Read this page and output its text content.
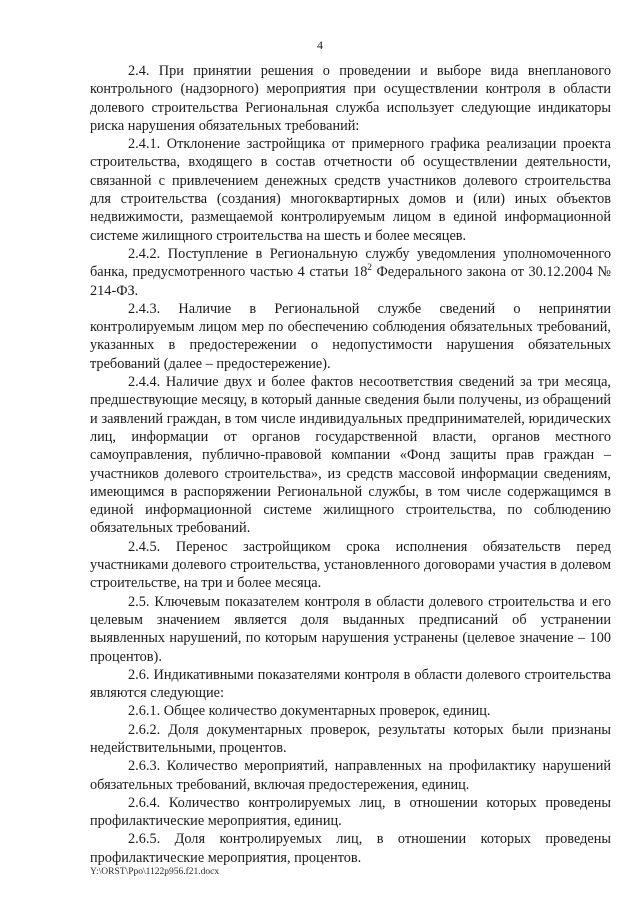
4

2.4. При принятии решения о проведении и выборе вида внепланового контрольного (надзорного) мероприятия при осуществлении контроля в области долевого строительства Региональная служба использует следующие индикаторы риска нарушения обязательных требований:

2.4.1. Отклонение застройщика от примерного графика реализации проекта строительства, входящего в состав отчетности об осуществлении деятельности, связанной с привлечением денежных средств участников долевого строительства для строительства (создания) многоквартирных домов и (или) иных объектов недвижимости, размещаемой контролируемым лицом в единой информационной системе жилищного строительства на шесть и более месяцев.

2.4.2. Поступление в Региональную службу уведомления уполномоченного банка, предусмотренного частью 4 статьи $18^2$ Федерального закона от 30.12.2004 № 214-ФЗ.

2.4.3. Наличие в Региональной службе сведений о непринятии контролируемым лицом мер по обеспечению соблюдения обязательных требований, указанных в предостережении о недопустимости нарушения обязательных требований (далее – предостережение).

2.4.4. Наличие двух и более фактов несоответствия сведений за три месяца, предшествующие месяцу, в который данные сведения были получены, из обращений и заявлений граждан, в том числе индивидуальных предпринимателей, юридических лиц, информации от органов государственной власти, органов местного самоуправления, публично-правовой компании «Фонд защиты прав граждан – участников долевого строительства», из средств массовой информации сведениям, имеющимся в распоряжении Региональной службы, в том числе содержащимся в единой информационной системе жилищного строительства, по соблюдению обязательных требований.

2.4.5. Перенос застройщиком срока исполнения обязательств перед участниками долевого строительства, установленного договорами участия в долевом строительстве, на три и более месяца.

2.5. Ключевым показателем контроля в области долевого строительства и его целевым значением является доля выданных предписаний об устранении выявленных нарушений, по которым нарушения устранены (целевое значение – 100 процентов).

2.6. Индикативными показателями контроля в области долевого строительства являются следующие:

2.6.1. Общее количество документарных проверок, единиц.

2.6.2. Доля документарных проверок, результаты которых были признаны недействительными, процентов.

2.6.3. Количество мероприятий, направленных на профилактику нарушений обязательных требований, включая предостережения, единиц.

2.6.4. Количество контролируемых лиц, в отношении которых проведены профилактические мероприятия, единиц.

2.6.5. Доля контролируемых лиц, в отношении которых проведены профилактические мероприятия, процентов.

Y:\ORST\Ppo\1122p956.f21.docx
